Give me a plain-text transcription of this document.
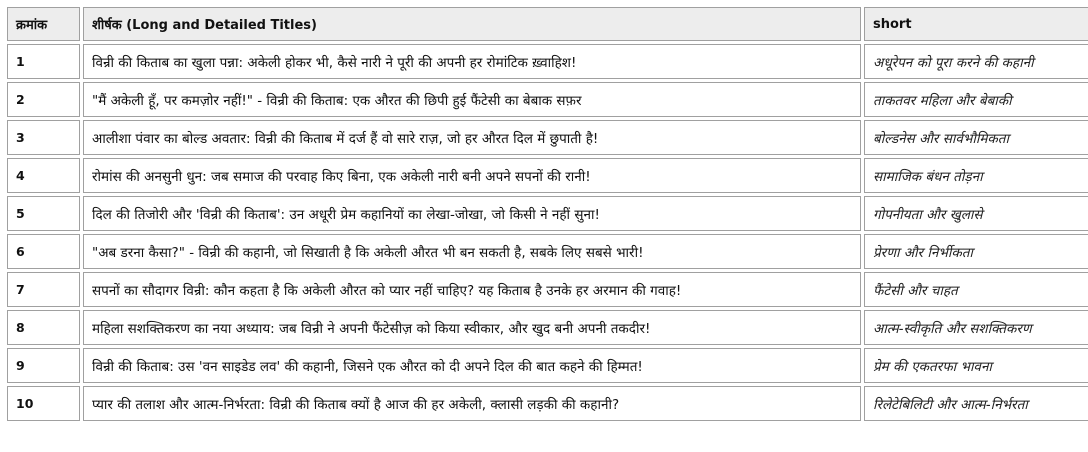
क्रमांक	शीर्षक (Long and Detailed Titles)	short
1	विन्री की किताब का खुला पन्ना: अकेली होकर भी, कैसे नारी ने पूरी की अपनी हर रोमांटिक ख़्वाहिश!	अधूरेपन को पूरा करने की कहानी
2	"मैं अकेली हूँ, पर कमज़ोर नहीं!" - विन्री की किताब: एक औरत की छिपी हुई फैंटेसी का बेबाक सफ़र	ताकतवर महिला और बेबाकी
3	आलीशा पंवार का बोल्ड अवतार: विन्री की किताब में दर्ज हैं वो सारे राज़, जो हर औरत दिल में छुपाती है!	बोल्डनेस और सार्वभौमिकता
4	रोमांस की अनसुनी धुन: जब समाज की परवाह किए बिना, एक अकेली नारी बनी अपने सपनों की रानी!	सामाजिक बंधन तोड़ना
5	दिल की तिजोरी और 'विन्री की किताब': उन अधूरी प्रेम कहानियों का लेखा-जोखा, जो किसी ने नहीं सुना!	गोपनीयता और खुलासे
6	"अब डरना कैसा?" - विन्री की कहानी, जो सिखाती है कि अकेली औरत भी बन सकती है, सबके लिए सबसे भारी!	प्रेरणा और निर्भीकता
7	सपनों का सौदागर विन्री: कौन कहता है कि अकेली औरत को प्यार नहीं चाहिए? यह किताब है उनके हर अरमान की गवाह!	फैंटेसी और चाहत
8	महिला सशक्तिकरण का नया अध्याय: जब विन्री ने अपनी फैंटेसीज़ को किया स्वीकार, और खुद बनी अपनी तकदीर!	आत्म-स्वीकृति और सशक्तिकरण
9	विन्री की किताब: उस 'वन साइडेड लव' की कहानी, जिसने एक औरत को दी अपने दिल की बात कहने की हिम्मत!	प्रेम की एकतरफा भावना
10	प्यार की तलाश और आत्म-निर्भरता: विन्री की किताब क्यों है आज की हर अकेली, क्लासी लड़की की कहानी?	रिलेटेबिलिटी और आत्म-निर्भरता
